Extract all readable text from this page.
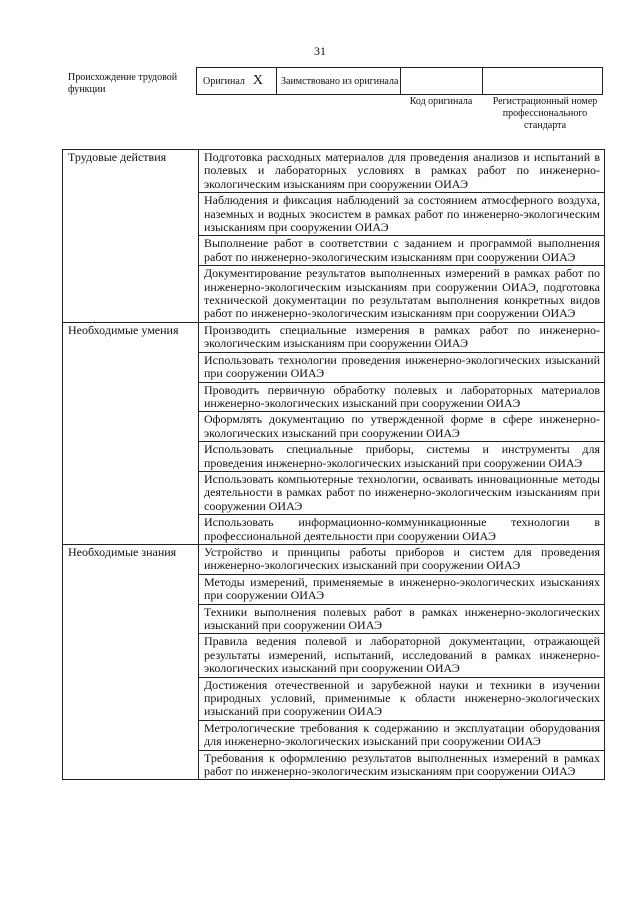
31
Происхождение трудовой функции
Оригинал X Заимствовано из оригинала
Код оригинала	Регистрационный номер профессионального стандарта
Трудовые действия	Подготовка расходных материалов для проведения анализов и испытаний в полевых и лабораторных условиях в рамках работ по инженерно-экологическим изысканиям при сооружении ОИАЭ
	Наблюдения и фиксация наблюдений за состоянием атмосферного воздуха, наземных и водных экосистем в рамках работ по инженерно-экологическим изысканиям при сооружении ОИАЭ
	Выполнение работ в соответствии с заданием и программой выполнения работ по инженерно-экологическим изысканиям при сооружении ОИАЭ
	Документирование результатов выполненных измерений в рамках работ по инженерно-экологическим изысканиям при сооружении ОИАЭ, подготовка технической документации по результатам выполнения конкретных видов работ по инженерно-экологическим изысканиям при сооружении ОИАЭ
Необходимые умения	Производить специальные измерения в рамках работ по инженерно-экологическим изысканиям при сооружении ОИАЭ
	Использовать технологии проведения инженерно-экологических изысканий при сооружении ОИАЭ
	Проводить первичную обработку полевых и лабораторных материалов инженерно-экологических изысканий при сооружении ОИАЭ
	Оформлять документацию по утвержденной форме в сфере инженерно-экологических изысканий при сооружении ОИАЭ
	Использовать специальные приборы, системы и инструменты для проведения инженерно-экологических изысканий при сооружении ОИАЭ
	Использовать компьютерные технологии, осваивать инновационные методы деятельности в рамках работ по инженерно-экологическим изысканиям при сооружении ОИАЭ
	Использовать информационно-коммуникационные технологии в профессиональной деятельности при сооружении ОИАЭ
Необходимые знания	Устройство и принципы работы приборов и систем для проведения инженерно-экологических изысканий при сооружении ОИАЭ
	Методы измерений, применяемые в инженерно-экологических изысканиях при сооружении ОИАЭ
	Техники выполнения полевых работ в рамках инженерно-экологических изысканий при сооружении ОИАЭ
	Правила ведения полевой и лабораторной документации, отражающей результаты измерений, испытаний, исследований в рамках инженерно-экологических изысканий при сооружении ОИАЭ
	Достижения отечественной и зарубежной науки и техники в изучении природных условий, применимые к области инженерно-экологических изысканий при сооружении ОИАЭ
	Метрологические требования к содержанию и эксплуатации оборудования для инженерно-экологических изысканий при сооружении ОИАЭ
	Требования к оформлению результатов выполненных измерений в рамках работ по инженерно-экологическим изысканиям при сооружении ОИАЭ
